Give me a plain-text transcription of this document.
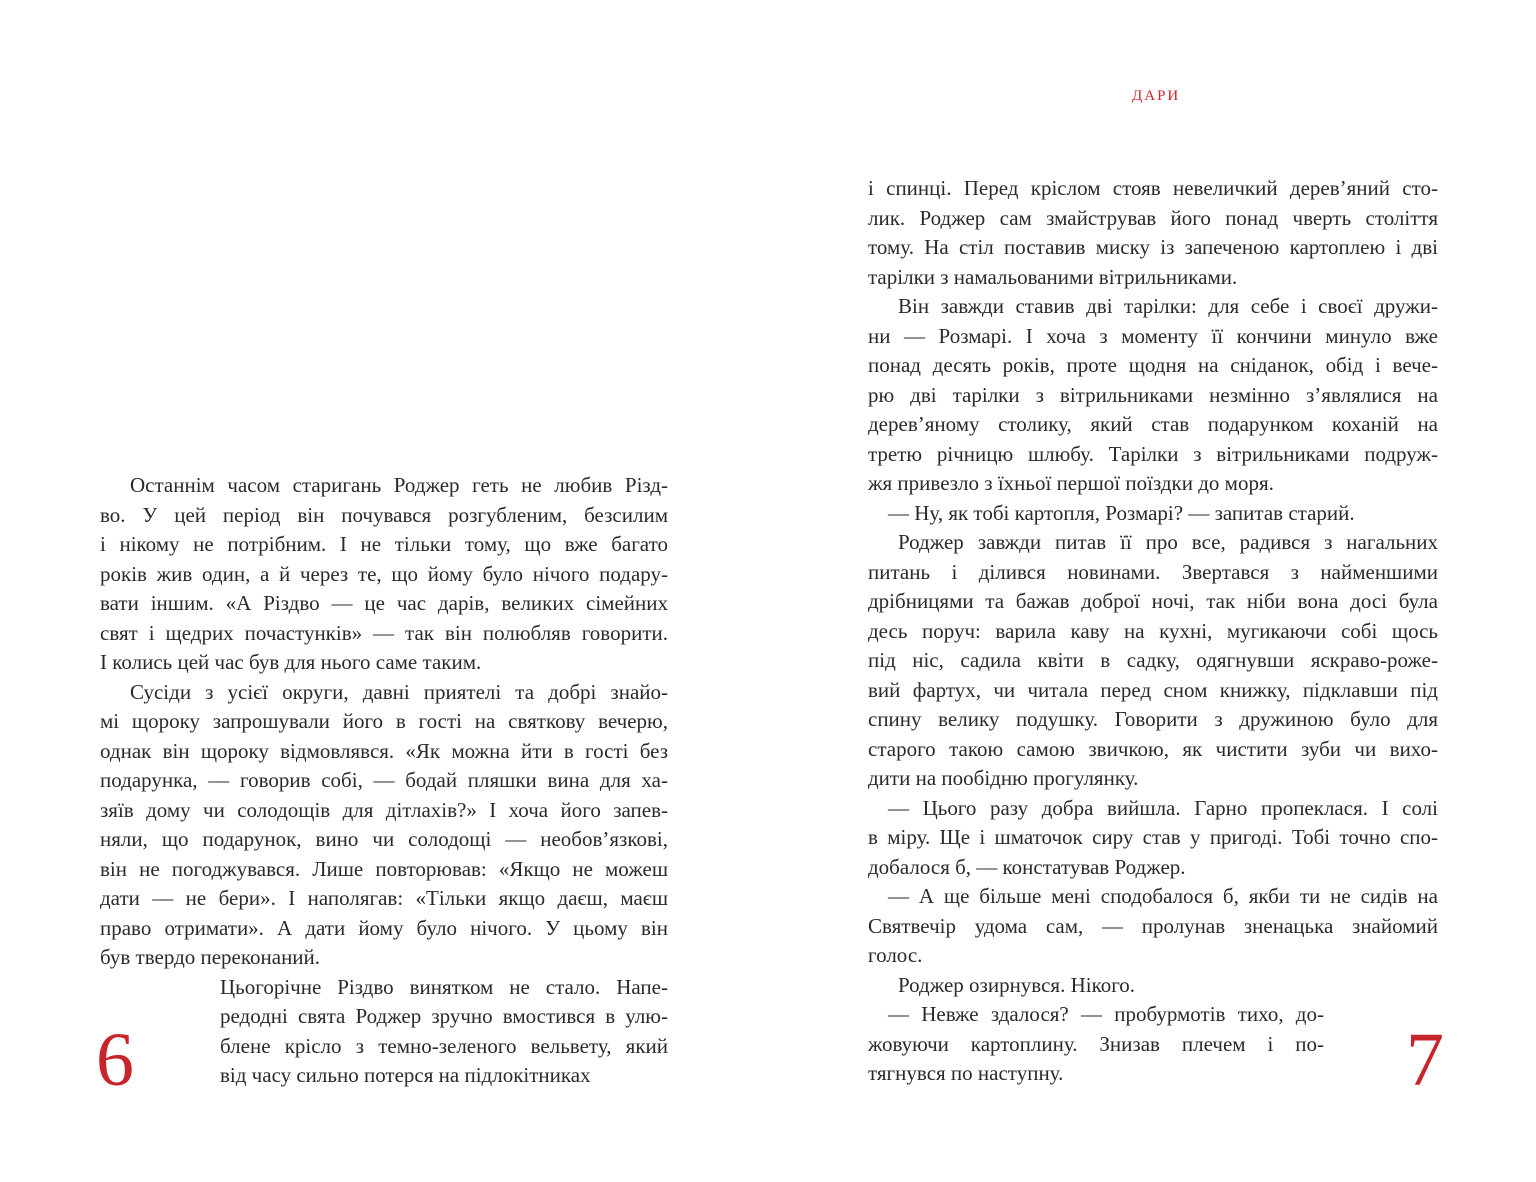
Останнім часом старигань Роджер геть не любив Різд-

во. У цей період він почувався розгубленим, безсилим

і нікому не потрібним. І не тільки тому, що вже багато

років жив один, а й через те, що йому було нічого подару-

вати іншим. «А Різдво — це час дарів, великих сімейних

свят і щедрих почастунків» — так він полюбляв говорити.

І колись цей час був для нього саме таким.

Сусіди з усієї округи, давні приятелі та добрі знайо-

мі щороку запрошували його в гості на святкову вечерю,

однак він щороку відмовлявся. «Як можна йти в гості без

подарунка, — говорив собі, — бодай пляшки вина для ха-

зяїв дому чи солодощів для дітлахів?» І хоча його запев-

няли, що подарунок, вино чи солодощі — необов’язкові,

він не погоджувався. Лише повторював: «Якщо не можеш

дати — не бери». І наполягав: «Тільки якщо даєш, маєш

право отримати». А дати йому було нічого. У цьому він

був твердо переконаний.

Цьогорічне Різдво винятком не стало. Напе-

редодні свята Роджер зручно вмостився в улю-

блене крісло з темно-зеленого вельвету, який

від часу сильно потерся на підлокітниках

6

і спинці. Перед кріслом стояв невеличкий дерев’яний сто-

лик. Роджер сам змайстрував його понад чверть століття

тому. На стіл поставив миску із запеченою картоплею і дві

тарілки з намальованими вітрильниками.

Він завжди ставив дві тарілки: для себе і своєї дружи-

ни — Розмарі. І хоча з моменту її кончини минуло вже

понад десять років, проте щодня на сніданок, обід і вече-

рю дві тарілки з вітрильниками незмінно з’являлися на

дерев’яному столику, який став подарунком коханій на

третю річницю шлюбу. Тарілки з вітрильниками подруж-

жя привезло з їхньої першої поїздки до моря.

— Ну, як тобі картопля, Розмарі? — запитав старий.

Роджер завжди питав її про все, радився з нагальних

питань і ділився новинами. Звертався з найменшими

дрібницями та бажав доброї ночі, так ніби вона досі була

десь поруч: варила каву на кухні, мугикаючи собі щось

під ніс, садила квіти в садку, одягнувши яскраво-роже-

вий фартух, чи читала перед сном книжку, підклавши під

спину велику подушку. Говорити з дружиною було для

старого такою самою звичкою, як чистити зуби чи вихо-

дити на пообідню прогулянку.

— Цього разу добра вийшла. Гарно пропеклася. І солі

в міру. Ще і шматочок сиру став у пригоді. Тобі точно спо-

добалося б, — констатував Роджер.

— А ще більше мені сподобалося б, якби ти не сидів на

Святвечір удома сам, — пролунав зненацька знайомий

голос.

Роджер озирнувся. Нікого.

— Невже здалося? — пробурмотів тихо, до-

жовуючи картоплину. Знизав плечем і по-

тягнувся по наступну.	7

ДАРИ
